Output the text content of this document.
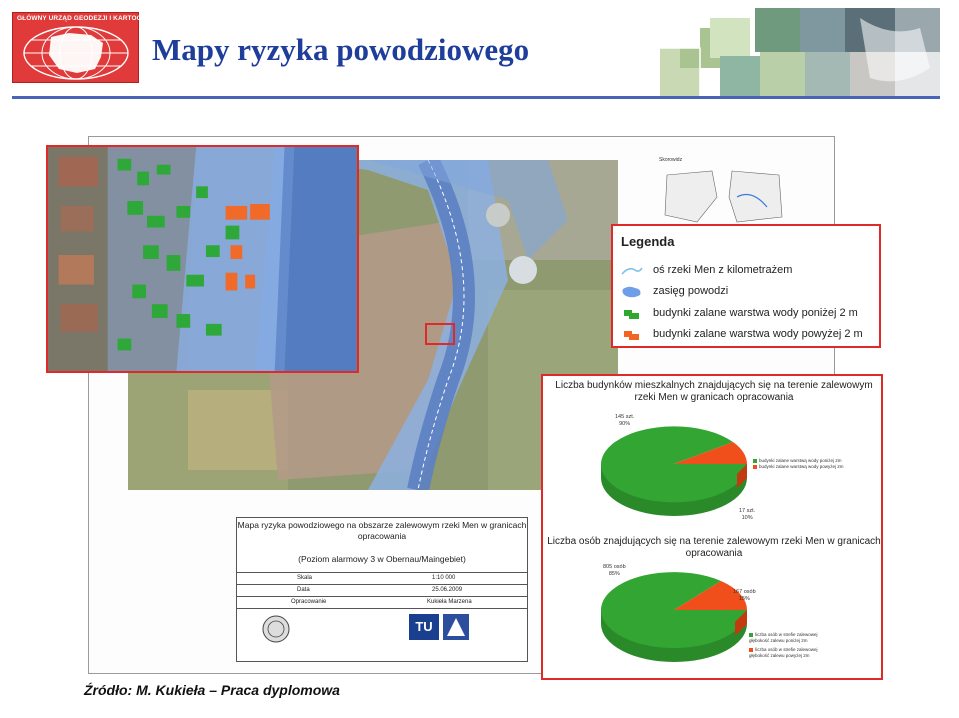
GŁÓWNY URZĄD GEODEZJI I KARTOGRAFII
Mapy ryzyka powodziowego
Skorowidz
Mapa ryzyka powodziowego na obszarze zalewowym rzeki Men w granicach opracowania
(Poziom alarmowy 3 w Obernau/Maingebiet)
Skala	1:10 000
Data	25.06.2009
Opracowanie	Kukieła Marzena
TU
Legenda
oś rzeki Men z kilometrażem
zasięg powodzi
budynki zalane warstwa wody poniżej 2 m
budynki zalane warstwa wody powyżej 2 m
Liczba budynków mieszkalnych znajdujących się na terenie zalewowym rzeki Men w granicach opracowania
145 szt.
90%
17 szt.
10%
budynki zalane warstwą wody poniżej 2m
budynki zalane warstwą wody powyżej 2m
Liczba osób znajdujących się na terenie zalewowym rzeki Men w granicach opracowania
805 osób
85%
167 osób
15%
liczba osób w strefie zalewowej głębokość zalewu poniżej 2m
liczba osób w strefie zalewowej głębokość zalewu powyżej 2m
Źródło: M. Kukieła – Praca dyplomowa
